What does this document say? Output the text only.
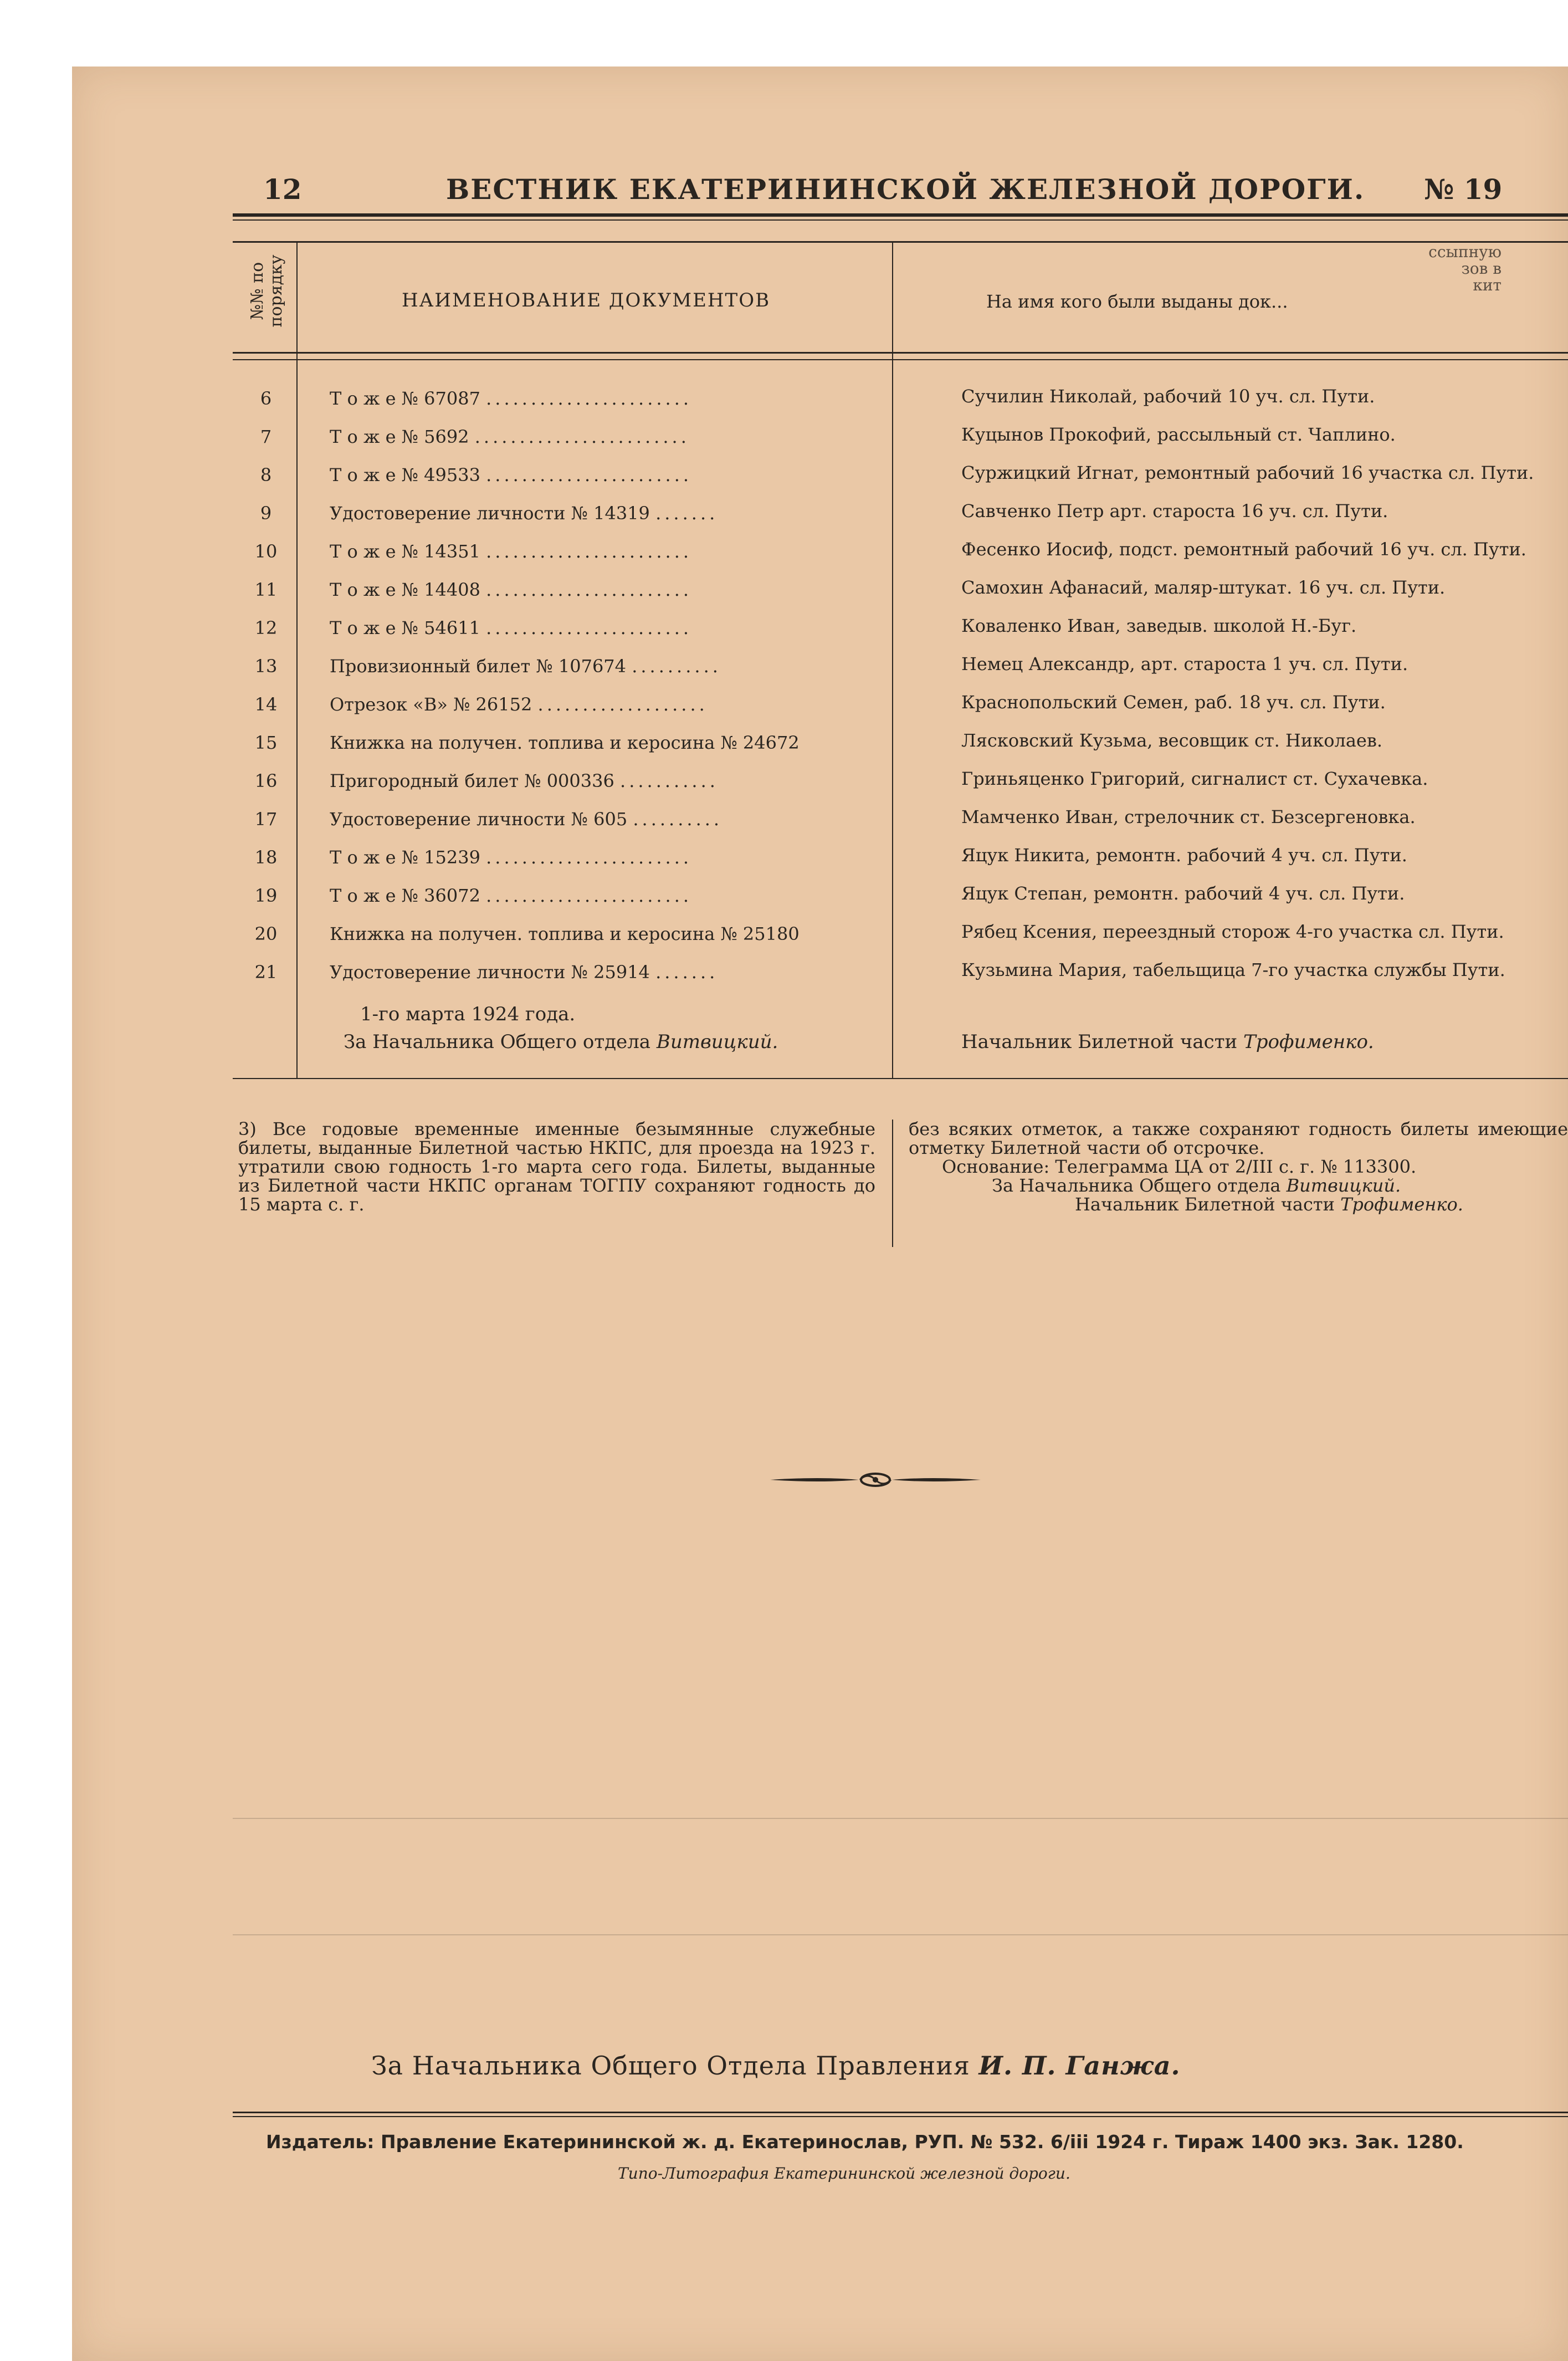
12	ВЕСТНИК ЕКАТЕРИНИНСКОЙ ЖЕЛЕЗНОЙ ДОРОГИ. № 19
№№ по порядку	НАИМЕНОВАНИЕ ДОКУМЕНТОВ	На имя кого были выданы док...
ссыпную
зов в
кит
6	Т о ж е № 67087 .......................	Сучилин Николай, рабочий 10 уч. сл. Пути.
7	Т о ж е № 5692 ........................	Куцынов Прокофий, рассыльный ст. Чаплино.
8	Т о ж е № 49533 .......................	Суржицкий Игнат, ремонтный рабочий 16 участка сл. Пути.
9	Удостоверение личности № 14319 .......	Савченко Петр арт. староста 16 уч. сл. Пути.
10	Т о ж е № 14351 .......................	Фесенко Иосиф, подст. ремонтный рабочий 16 уч. сл. Пути.
11	Т о ж е № 14408 .......................	Самохин Афанасий, маляр-штукат. 16 уч. сл. Пути.
12	Т о ж е № 54611 .......................	Коваленко Иван, заведыв. школой Н.-Буг.
13	Провизионный билет № 107674 ..........	Немец Александр, арт. староста 1 уч. сл. Пути.
14	Отрезок «В» № 26152 ...................	Краснопольский Семен, раб. 18 уч. сл. Пути.
15	Книжка на получен. топлива и керосина № 24672	Лясковский Кузьма, весовщик ст. Николаев.
16	Пригородный билет № 000336 ...........	Гриньяценко Григорий, сигналист ст. Сухачевка.
17	Удостоверение личности № 605 ..........	Мамченко Иван, стрелочник ст. Безсергеновка.
18	Т о ж е № 15239 .......................	Яцук Никита, ремонтн. рабочий 4 уч. сл. Пути.
19	Т о ж е № 36072 .......................	Яцук Степан, ремонтн. рабочий 4 уч. сл. Пути.
20	Книжка на получен. топлива и керосина № 25180	Рябец Ксения, переездный сторож 4-го участка сл. Пути.
21	Удостоверение личности № 25914 .......	Кузьмина Мария, табельщица 7-го участка службы Пути.
1-го марта 1924 года.
За Начальника Общего отдела Витвицкий.	Начальник Билетной части Трофименко.
3) Все годовые временные именные безымянные служебные билеты, выданные Билетной частью НКПС, для проезда на 1923 г. утратили свою годность 1-го марта сего года. Билеты, выданные из Билетной части НКПС органам ТОГПУ сохраняют годность до 15 марта с. г.
без всяких отметок, а также сохраняют годность билеты имеющие отметку Билетной части об отсрочке.
Основание: Телеграмма ЦА от 2/III с. г. № 113300.
За Начальника Общего отдела Витвицкий.
Начальник Билетной части Трофименко.
За Начальника Общего Отдела Правления И. П. Ганжа.
Издатель: Правление Екатерининской ж. д. Екатеринослав, РУП. № 532. 6/ііі 1924 г. Тираж 1400 экз. Зак. 1280.
Типо-Литография Екатерининской железной дороги.
